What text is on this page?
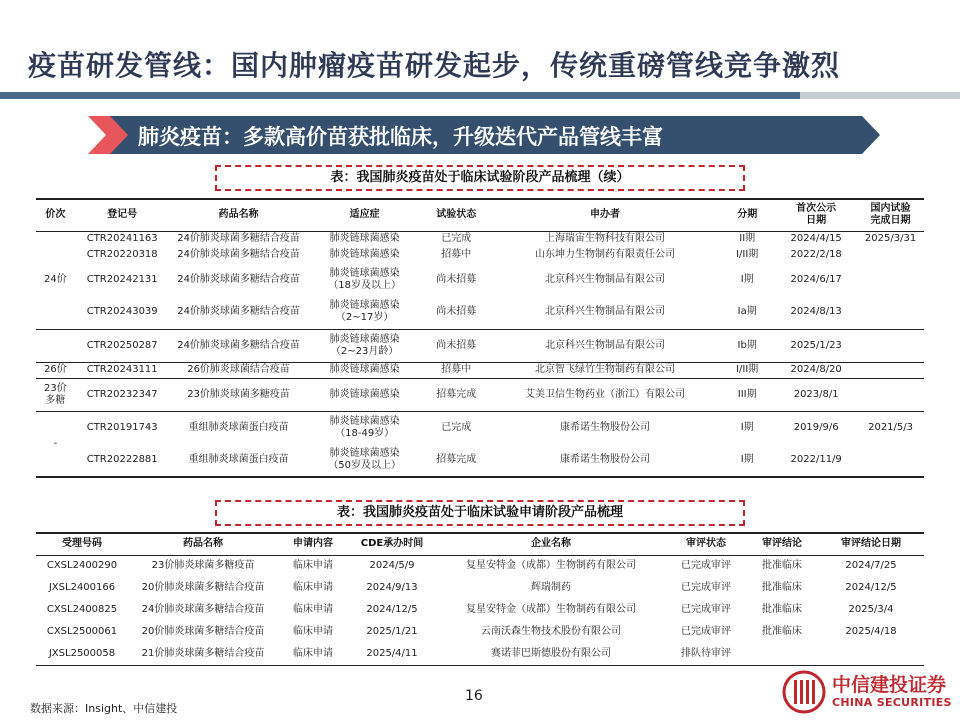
疫苗研发管线：国内肿瘤疫苗研发起步，传统重磅管线竞争激烈
肺炎疫苗：多款高价苗获批临床，升级迭代产品管线丰富
表：我国肺炎疫苗处于临床试验阶段产品梳理（续）
价次	登记号	药品名称	适应症	试验状态	申办者	分期	首次公示
日期	国内试验
完成日期
24价	CTR20241163	24价肺炎球菌多糖结合疫苗	肺炎链球菌感染	已完成	上海瑞宙生物科技有限公司	II期	2024/4/15	2025/3/31
	CTR20220318	24价肺炎球菌多糖结合疫苗	肺炎链球菌感染	招募中	山东坤力生物制药有限责任公司	I/II期	2022/2/18	
	CTR20242131	24价肺炎球菌多糖结合疫苗	肺炎链球菌感染
（18岁及以上）	尚未招募	北京科兴生物制品有限公司	I期	2024/6/17	
	CTR20243039	24价肺炎球菌多糖结合疫苗	肺炎链球菌感染
（2~17岁）	尚未招募	北京科兴生物制品有限公司	Ia期	2024/8/13	
	CTR20250287	24价肺炎球菌多糖结合疫苗	肺炎链球菌感染
（2~23月龄）	尚未招募	北京科兴生物制品有限公司	Ib期	2025/1/23	
26价	CTR20243111	26价肺炎球菌结合疫苗	肺炎链球菌感染	招募中	北京智飞绿竹生物制药有限公司	I/II期	2024/8/20	
23价
多糖	CTR20232347	23价肺炎球菌多糖疫苗	肺炎链球菌感染	招募完成	艾美卫信生物药业（浙江）有限公司	III期	2023/8/1	
-	CTR20191743	重组肺炎球菌蛋白疫苗	肺炎链球菌感染
（18-49岁）	已完成	康希诺生物股份公司	I期	2019/9/6	2021/5/3
	CTR20222881	重组肺炎球菌蛋白疫苗	肺炎链球菌感染
（50岁及以上）	招募完成	康希诺生物股份公司	I期	2022/11/9	
表：我国肺炎疫苗处于临床试验申请阶段产品梳理
受理号码	药品名称	申请内容	CDE承办时间	企业名称	审评状态	审评结论	审评结论日期
CXSL2400290	23价肺炎球菌多糖疫苗	临床申请	2024/5/9	复星安特金（成都）生物制药有限公司	已完成审评	批准临床	2024/7/25
JXSL2400166	20价肺炎球菌多糖结合疫苗	临床申请	2024/9/13	辉瑞制药	已完成审评	批准临床	2024/12/5
CXSL2400825	24价肺炎球菌多糖结合疫苗	临床申请	2024/12/5	复星安特金（成都）生物制药有限公司	已完成审评	批准临床	2025/3/4
CXSL2500061	20价肺炎球菌多糖结合疫苗	临床申请	2025/1/21	云南沃森生物技术股份有限公司	已完成审评	批准临床	2025/4/18
JXSL2500058	21价肺炎球菌多糖结合疫苗	临床申请	2025/4/11	赛诺菲巴斯德股份有限公司	排队待审评		
16
数据来源：Insight、中信建投
中信建投证券
CHINA SECURITIES
